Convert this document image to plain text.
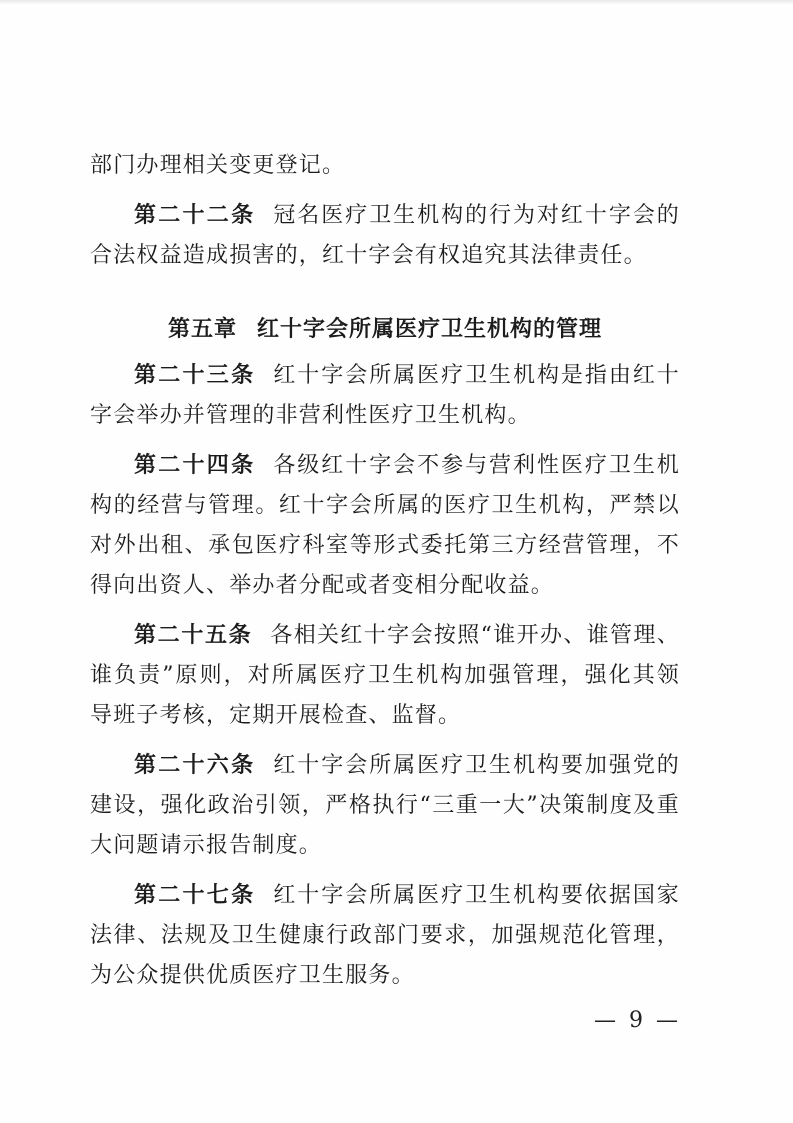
部门办理相关变更登记。

第二十二条 冠名医疗卫生机构的行为对红十字会的合法权益造成损害的，红十字会有权追究其法律责任。

第五章 红十字会所属医疗卫生机构的管理

第二十三条 红十字会所属医疗卫生机构是指由红十字会举办并管理的非营利性医疗卫生机构。

第二十四条 各级红十字会不参与营利性医疗卫生机构的经营与管理。红十字会所属的医疗卫生机构，严禁以对外出租、承包医疗科室等形式委托第三方经营管理，不得向出资人、举办者分配或者变相分配收益。

第二十五条 各相关红十字会按照“谁开办、谁管理、谁负责”原则，对所属医疗卫生机构加强管理，强化其领导班子考核，定期开展检查、监督。

第二十六条 红十字会所属医疗卫生机构要加强党的建设，强化政治引领，严格执行“三重一大”决策制度及重大问题请示报告制度。

第二十七条 红十字会所属医疗卫生机构要依据国家法律、法规及卫生健康行政部门要求，加强规范化管理，为公众提供优质医疗卫生服务。

— 9 —
